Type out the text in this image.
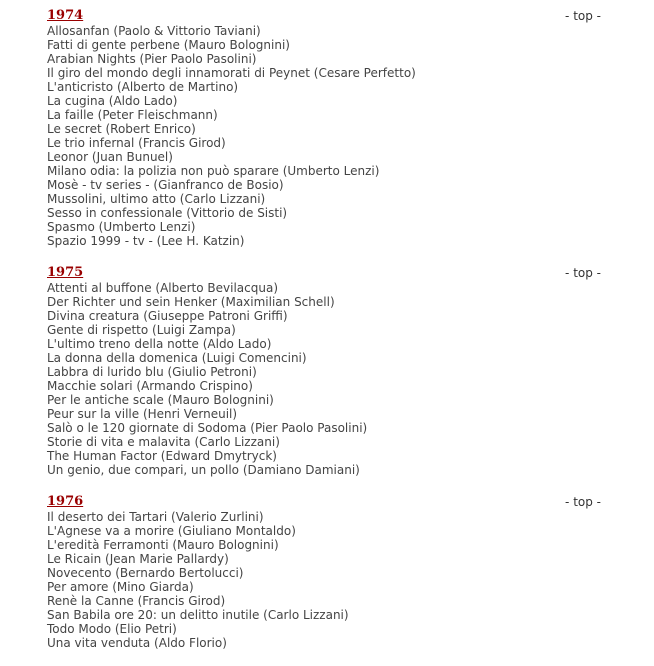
1974	- top -
Allosanfan (Paolo & Vittorio Taviani)
Fatti di gente perbene (Mauro Bolognini)
Arabian Nights (Pier Paolo Pasolini)
Il giro del mondo degli innamorati di Peynet (Cesare Perfetto)
L'anticristo (Alberto de Martino)
La cugina (Aldo Lado)
La faille (Peter Fleischmann)
Le secret (Robert Enrico)
Le trio infernal (Francis Girod)
Leonor (Juan Bunuel)
Milano odia: la polizia non può sparare (Umberto Lenzi)
Mosè - tv series - (Gianfranco de Bosio)
Mussolini, ultimo atto (Carlo Lizzani)
Sesso in confessionale (Vittorio de Sisti)
Spasmo (Umberto Lenzi)
Spazio 1999 - tv - (Lee H. Katzin)
1975	- top -
Attenti al buffone (Alberto Bevilacqua)
Der Richter und sein Henker (Maximilian Schell)
Divina creatura (Giuseppe Patroni Griffi)
Gente di rispetto (Luigi Zampa)
L'ultimo treno della notte (Aldo Lado)
La donna della domenica (Luigi Comencini)
Labbra di lurido blu (Giulio Petroni)
Macchie solari (Armando Crispino)
Per le antiche scale (Mauro Bolognini)
Peur sur la ville (Henri Verneuil)
Salò o le 120 giornate di Sodoma (Pier Paolo Pasolini)
Storie di vita e malavita (Carlo Lizzani)
The Human Factor (Edward Dmytryck)
Un genio, due compari, un pollo (Damiano Damiani)
1976	- top -
Il deserto dei Tartari (Valerio Zurlini)
L'Agnese va a morire (Giuliano Montaldo)
L'eredità Ferramonti (Mauro Bolognini)
Le Ricain (Jean Marie Pallardy)
Novecento (Bernardo Bertolucci)
Per amore (Mino Giarda)
Renè la Canne (Francis Girod)
San Babila ore 20: un delitto inutile (Carlo Lizzani)
Todo Modo (Elio Petri)
Una vita venduta (Aldo Florio)
